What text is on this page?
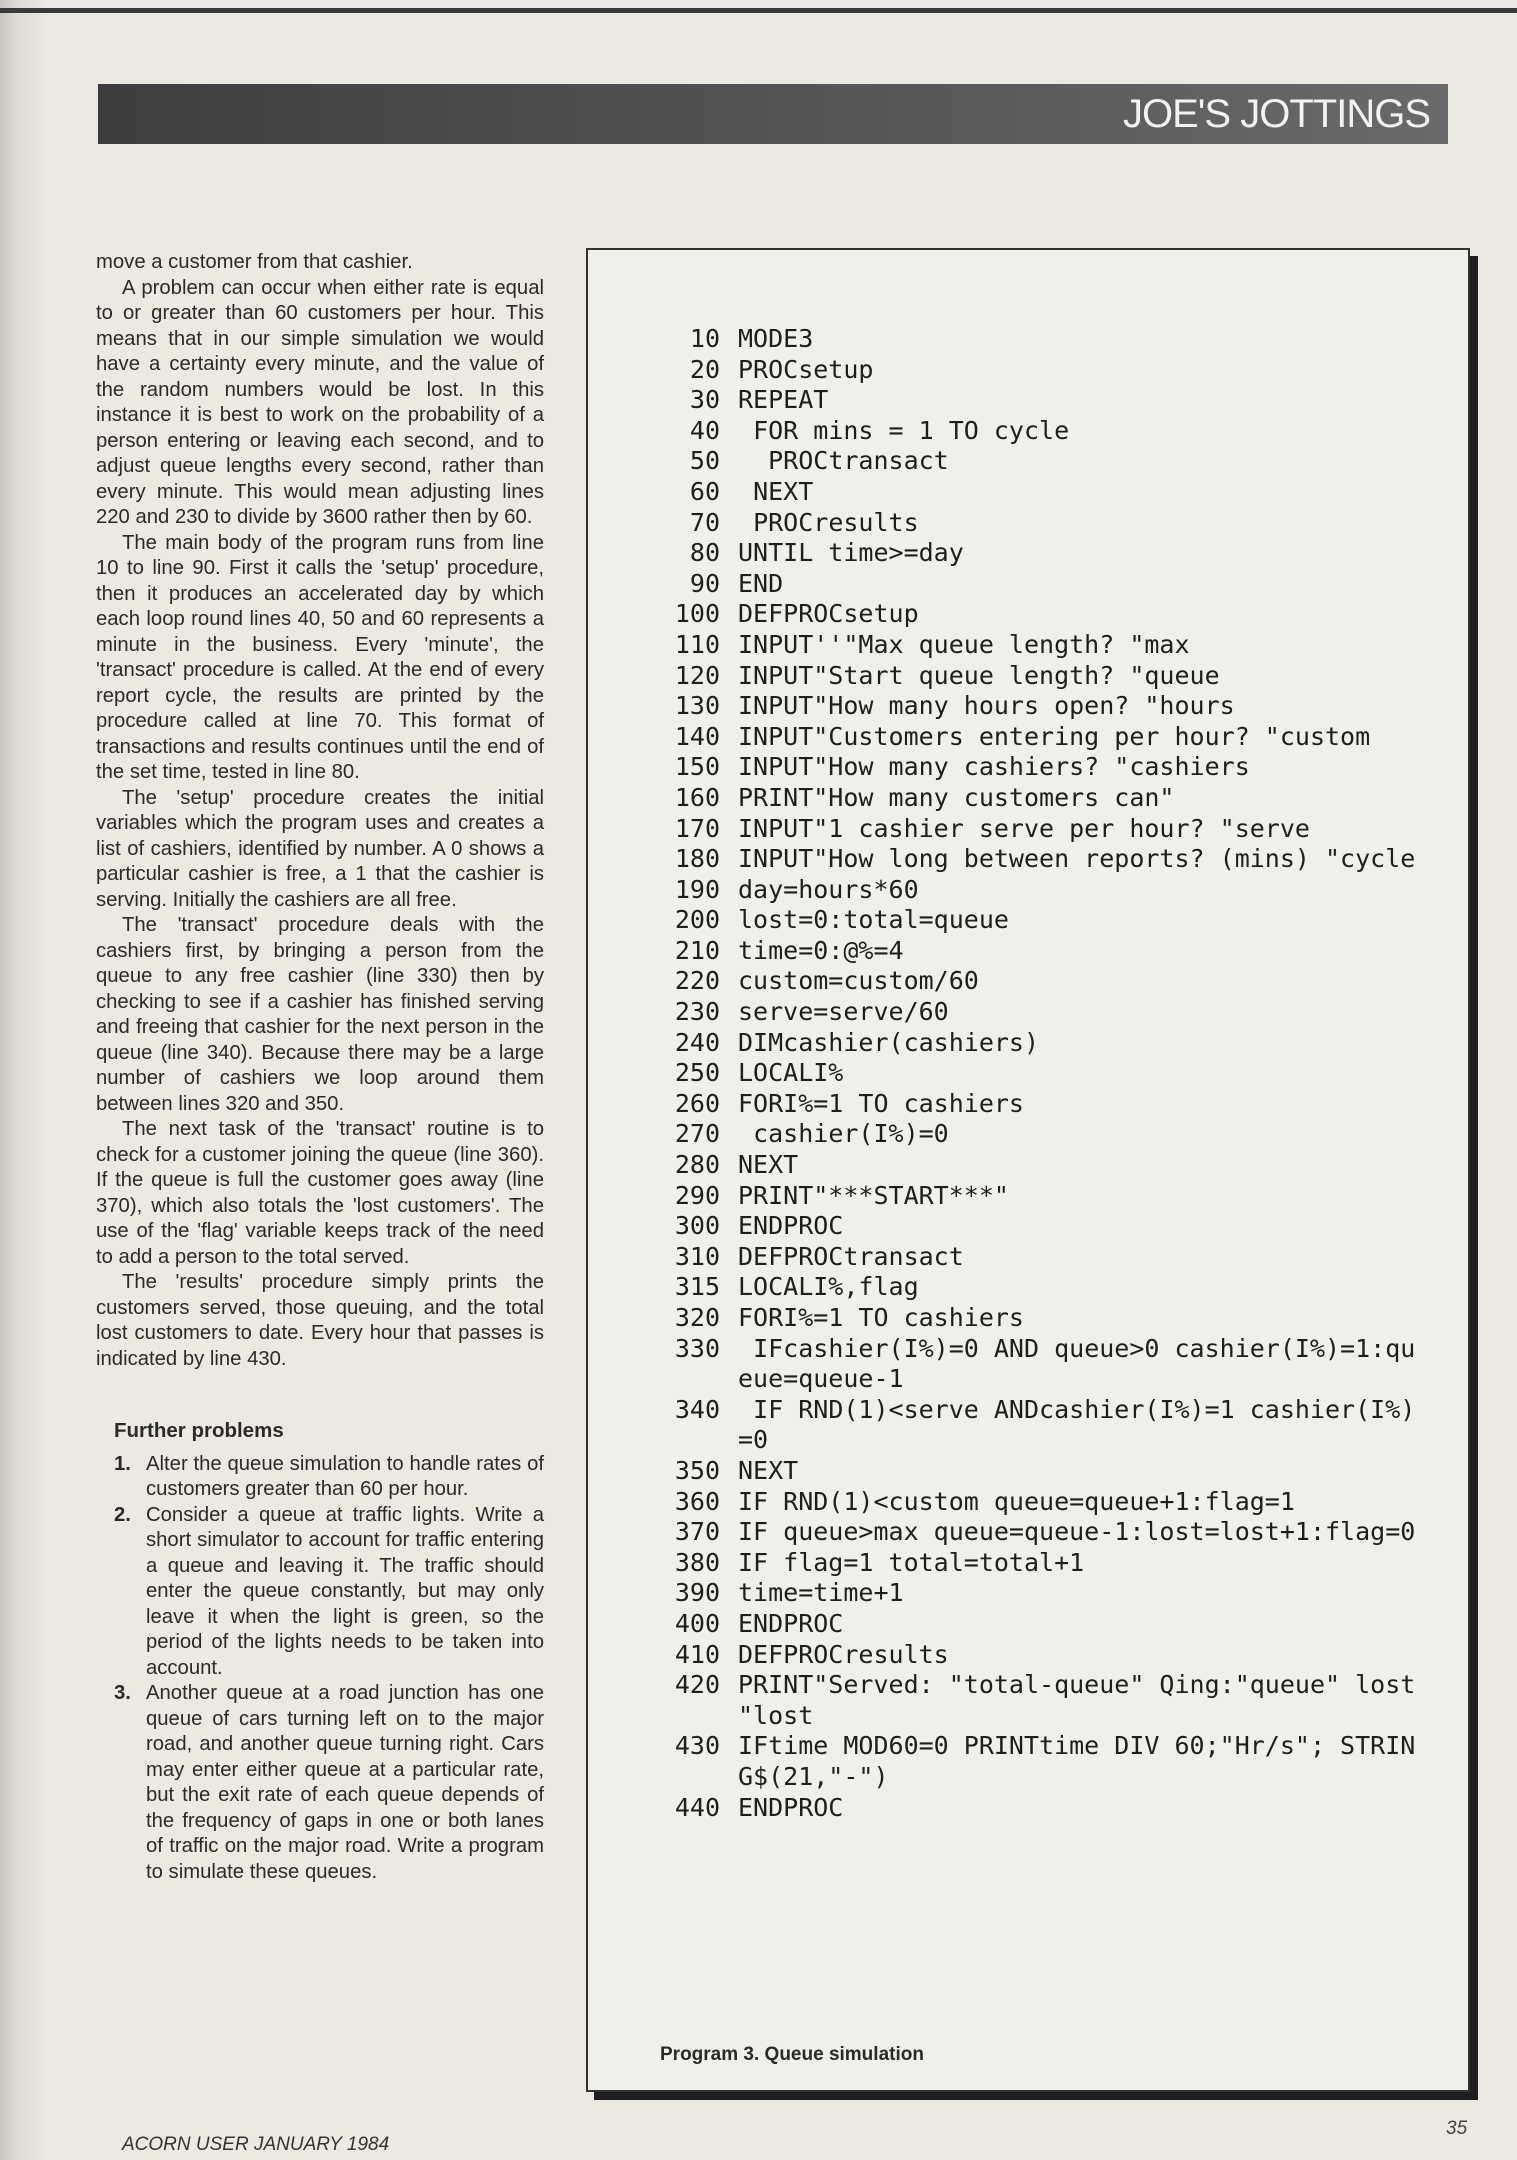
JOE'S JOTTINGS

move a customer from that cashier.

A problem can occur when either rate is equal to or greater than 60 customers per hour. This means that in our simple simulation we would have a certainty every minute, and the value of the random numbers would be lost. In this instance it is best to work on the probability of a person entering or leaving each second, and to adjust queue lengths every second, rather than every minute. This would mean adjusting lines 220 and 230 to divide by 3600 rather then by 60.

The main body of the program runs from line 10 to line 90. First it calls the 'setup' procedure, then it produces an accelerated day by which each loop round lines 40, 50 and 60 represents a minute in the business. Every 'minute', the 'transact' procedure is called. At the end of every report cycle, the results are printed by the procedure called at line 70. This format of transactions and results continues until the end of the set time, tested in line 80.

The 'setup' procedure creates the initial variables which the program uses and creates a list of cashiers, identified by number. A 0 shows a particular cashier is free, a 1 that the cashier is serving. Initially the cashiers are all free.

The 'transact' procedure deals with the cashiers first, by bringing a person from the queue to any free cashier (line 330) then by checking to see if a cashier has finished serving and freeing that cashier for the next person in the queue (line 340). Because there may be a large number of cashiers we loop around them between lines 320 and 350.

The next task of the 'transact' routine is to check for a customer joining the queue (line 360). If the queue is full the customer goes away (line 370), which also totals the 'lost customers'. The use of the 'flag' variable keeps track of the need to add a person to the total served.

The 'results' procedure simply prints the customers served, those queuing, and the total lost customers to date. Every hour that passes is indicated by line 430.

Further problems
1. Alter the queue simulation to handle rates of customers greater than 60 per hour.
2. Consider a queue at traffic lights. Write a short simulator to account for traffic entering a queue and leaving it. The traffic should enter the queue constantly, but may only leave it when the light is green, so the period of the lights needs to be taken into account.
3. Another queue at a road junction has one queue of cars turning left on to the major road, and another queue turning right. Cars may enter either queue at a particular rate, but the exit rate of each queue depends of the frequency of gaps in one or both lanes of traffic on the major road. Write a program to simulate these queues.
10 MODE3
20 PROCsetup
30 REPEAT
40 FOR mins = 1 TO cycle
50 PROCtransact
60 NEXT
70 PROCresults
80 UNTIL time>=day
90 END
100 DEFPROCsetup
110 INPUT''"Max queue length? "max
120 INPUT"Start queue length? "queue
130 INPUT"How many hours open? "hours
140 INPUT"Customers entering per hour? "custom
150 INPUT"How many cashiers? "cashiers
160 PRINT"How many customers can"
170 INPUT"1 cashier serve per hour? "serve
180 INPUT"How long between reports? (mins) "cycle
190 day=hours*60
200 lost=0:total=queue
210 time=0:@%=4
220 custom=custom/60
230 serve=serve/60
240 DIMcashier(cashiers)
250 LOCALI%
260 FORI%=1 TO cashiers
270 cashier(I%)=0
280 NEXT
290 PRINT"***START***"
300 ENDPROC
310 DEFPROCtransact
315 LOCALI%,flag
320 FORI%=1 TO cashiers
330 IFcashier(I%)=0 AND queue>0 cashier(I%)=1:queue=queue-1
340 IF RND(1)<serve ANDcashier(I%)=1 cashier(I%)=0
350 NEXT
360 IF RND(1)<custom queue=queue+1:flag=1
370 IF queue>max queue=queue-1:lost=lost+1:flag=0
380 IF flag=1 total=total+1
390 time=time+1
400 ENDPROC
410 DEFPROCresults
420 PRINT"Served: "total-queue" Qing:"queue" lost "lost
430 IFtime MOD60=0 PRINTtime DIV 60;"Hr/s"; STRING$(21,"-")
440 ENDPROC
Program 3. Queue simulation
ACORN USER JANUARY 1984
35
